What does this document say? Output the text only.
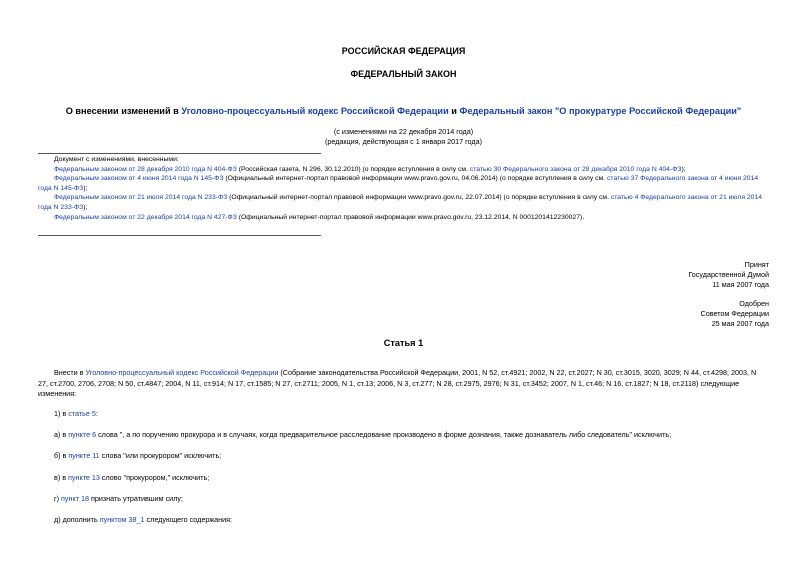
РОССИЙСКАЯ ФЕДЕРАЦИЯ
ФЕДЕРАЛЬНЫЙ ЗАКОН
О внесении изменений в Уголовно-процессуальный кодекс Российской Федерации и Федеральный закон "О прокуратуре Российской Федерации"
(с изменениями на 22 декабря 2014 года)
(редакция, действующая с 1 января 2017 года)

Документ с изменениями, внесенными:

Федеральным законом от 28 декабря 2010 года N 404-ФЗ (Российская газета, N 296, 30.12.2010) (о порядке вступления в силу см. статью 30 Федерального закона от 28 декабря 2010 года N 404-ФЗ);

Федеральным законом от 4 июня 2014 года N 145-ФЗ (Официальный интернет-портал правовой информации www.pravo.gov.ru, 04.06.2014) (о порядке вступления в силу см. статью 37 Федерального закона от 4 июня 2014 года N 145-ФЗ);

Федеральным законом от 21 июля 2014 года N 233-ФЗ (Официальный интернет-портал правовой информации www.pravo.gov.ru, 22.07.2014) (о порядке вступления в силу см. статью 4 Федерального закона от 21 июля 2014 года N 233-ФЗ);

Федеральным законом от 22 декабря 2014 года N 427-ФЗ (Официальный интернет-портал правовой информации www.pravo.gov.ru, 23.12.2014, N 0001201412230027).

Принят
Государственной Думой
11 мая 2007 года
Одобрен
Советом Федерации
25 мая 2007 года
Статья 1

Внести в Уголовно-процессуальный кодекс Российской Федерации (Собрание законодательства Российской Федерации, 2001, N 52, ст.4921; 2002, N 22, ст.2027; N 30, ст.3015, 3020, 3029; N 44, ст.4298; 2003, N 27, ст.2700, 2706, 2708; N 50, ст.4847; 2004, N 11, ст.914; N 17, ст.1585; N 27, ст.2711; 2005, N 1, ст.13; 2006, N 3, ст.277; N 28, ст.2975, 2976; N 31, ст.3452; 2007, N 1, ст.46; N 16, ст.1827; N 18, ст.2118) следующие изменения:

1) в статье 5:
а) в пункте 6 слова ", а по поручению прокурора и в случаях, когда предварительное расследование производено в форме дознания, также дознаватель либо следователь" исключить;
б) в пункте 11 слова "или прокурором" исключить;
в) в пункте 13 слово "прокурором," исключить;
г) пункт 18 признать утратившим силу;
д) дополнить пунктом 38_1 следующего содержания:
